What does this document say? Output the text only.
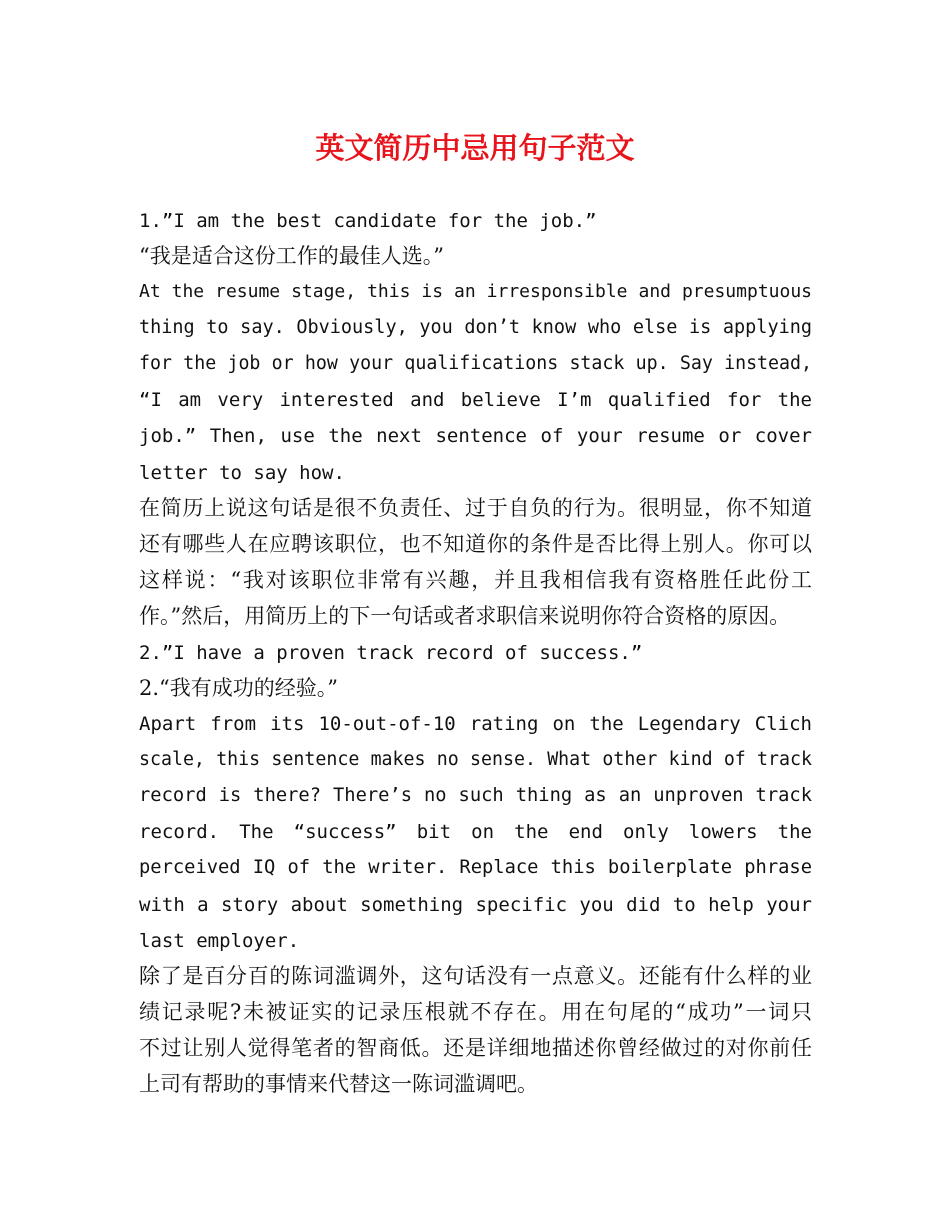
英文简历中忌用句子范文

1.”I am the best candidate for the job.”

“我是适合这份工作的最佳人选。”

At the resume stage, this is an irresponsible and presumptuous

thing to say. Obviously, you don’t know who else is applying

for the job or how your qualifications stack up. Say instead,

“I am very interested and believe I’m qualified for the

job.” Then, use the next sentence of your resume or cover

letter to say how.

在简历上说这句话是很不负责任、过于自负的行为。很明显，你不知道

还有哪些人在应聘该职位，也不知道你的条件是否比得上别人。你可以

这样说：“我对该职位非常有兴趣，并且我相信我有资格胜任此份工

作。”然后，用简历上的下一句话或者求职信来说明你符合资格的原因。

2.”I have a proven track record of success.”

2.“我有成功的经验。”

Apart from its 10-out-of-10 rating on the Legendary Clich

scale, this sentence makes no sense. What other kind of track

record is there? There’s no such thing as an unproven track

record. The “success” bit on the end only lowers the

perceived IQ of the writer. Replace this boilerplate phrase

with a story about something specific you did to help your

last employer.

除了是百分百的陈词滥调外，这句话没有一点意义。还能有什么样的业

绩记录呢?未被证实的记录压根就不存在。用在句尾的“成功”一词只

不过让别人觉得笔者的智商低。还是详细地描述你曾经做过的对你前任

上司有帮助的事情来代替这一陈词滥调吧。
